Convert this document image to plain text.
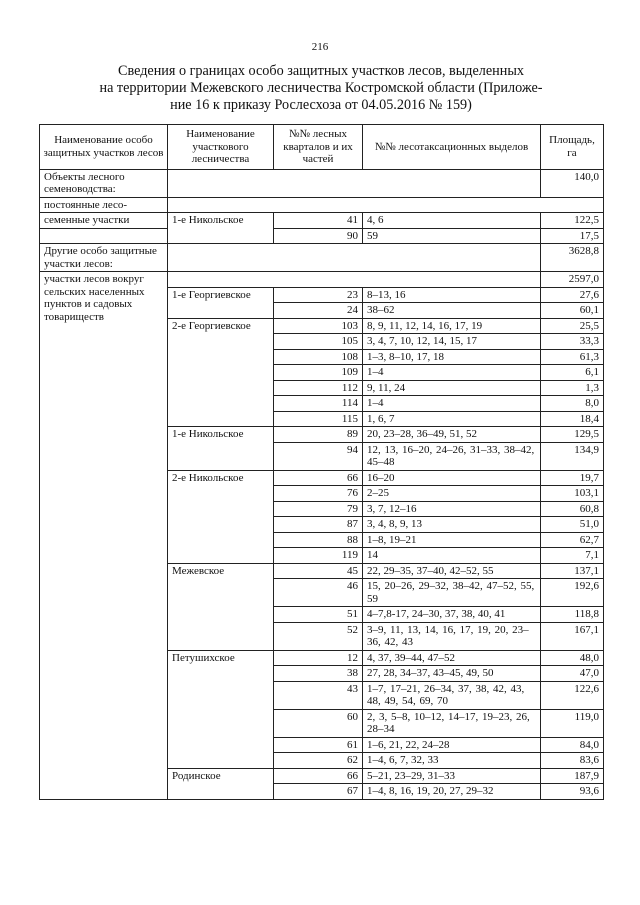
216
Сведения о границах особо защитных участков лесов, выделенных
на территории Межевского лесничества Костромской области (Приложе-
ние 16 к приказу Рослесхоза от 04.05.2016 № 159)
Наименование особо защитных участков лесов	Наименование участкового лесничества	№№ лесных кварталов и их частей	№№ лесотаксационных выделов	Площадь, га
Объекты лесного семеноводства:				140,0
постоянные лесо-				
семенные участки	1-е Никольское	41	4, 6	122,5
		90	59	17,5
Другие особо защитные участки лесов:				3628,8
участки лесов вокруг сельских населенных пунктов и садовых товариществ				2597,0
	1-е Георгиевское	23	8–13, 16	27,6
		24	38–62	60,1
	2-е Георгиевское	103	8, 9, 11, 12, 14, 16, 17, 19	25,5
		105	3, 4, 7, 10, 12, 14, 15, 17	33,3
		108	1–3, 8–10, 17, 18	61,3
		109	1–4	6,1
		112	9, 11, 24	1,3
		114	1–4	8,0
		115	1, 6, 7	18,4
	1-е Никольское	89	20, 23–28, 36–49, 51, 52	129,5
		94	12, 13, 16–20, 24–26, 31–33, 38–42, 45–48	134,9
	2-е Никольское	66	16–20	19,7
		76	2–25	103,1
		79	3, 7, 12–16	60,8
		87	3, 4, 8, 9, 13	51,0
		88	1–8, 19–21	62,7
		119	14	7,1
	Межевское	45	22, 29–35, 37–40, 42–52, 55	137,1
		46	15, 20–26, 29–32, 38–42, 47–52, 55, 59	192,6
		51	4–7,8-17, 24–30, 37, 38, 40, 41	118,8
		52	3–9, 11, 13, 14, 16, 17, 19, 20, 23–36, 42, 43	167,1
	Петушихское	12	4, 37, 39–44, 47–52	48,0
		38	27, 28, 34–37, 43–45, 49, 50	47,0
		43	1–7, 17–21, 26–34, 37, 38, 42, 43, 48, 49, 54, 69, 70	122,6
		60	2, 3, 5–8, 10–12, 14–17, 19–23, 26, 28–34	119,0
		61	1–6, 21, 22, 24–28	84,0
		62	1–4, 6, 7, 32, 33	83,6
	Родинское	66	5–21, 23–29, 31–33	187,9
		67	1–4, 8, 16, 19, 20, 27, 29–32	93,6
